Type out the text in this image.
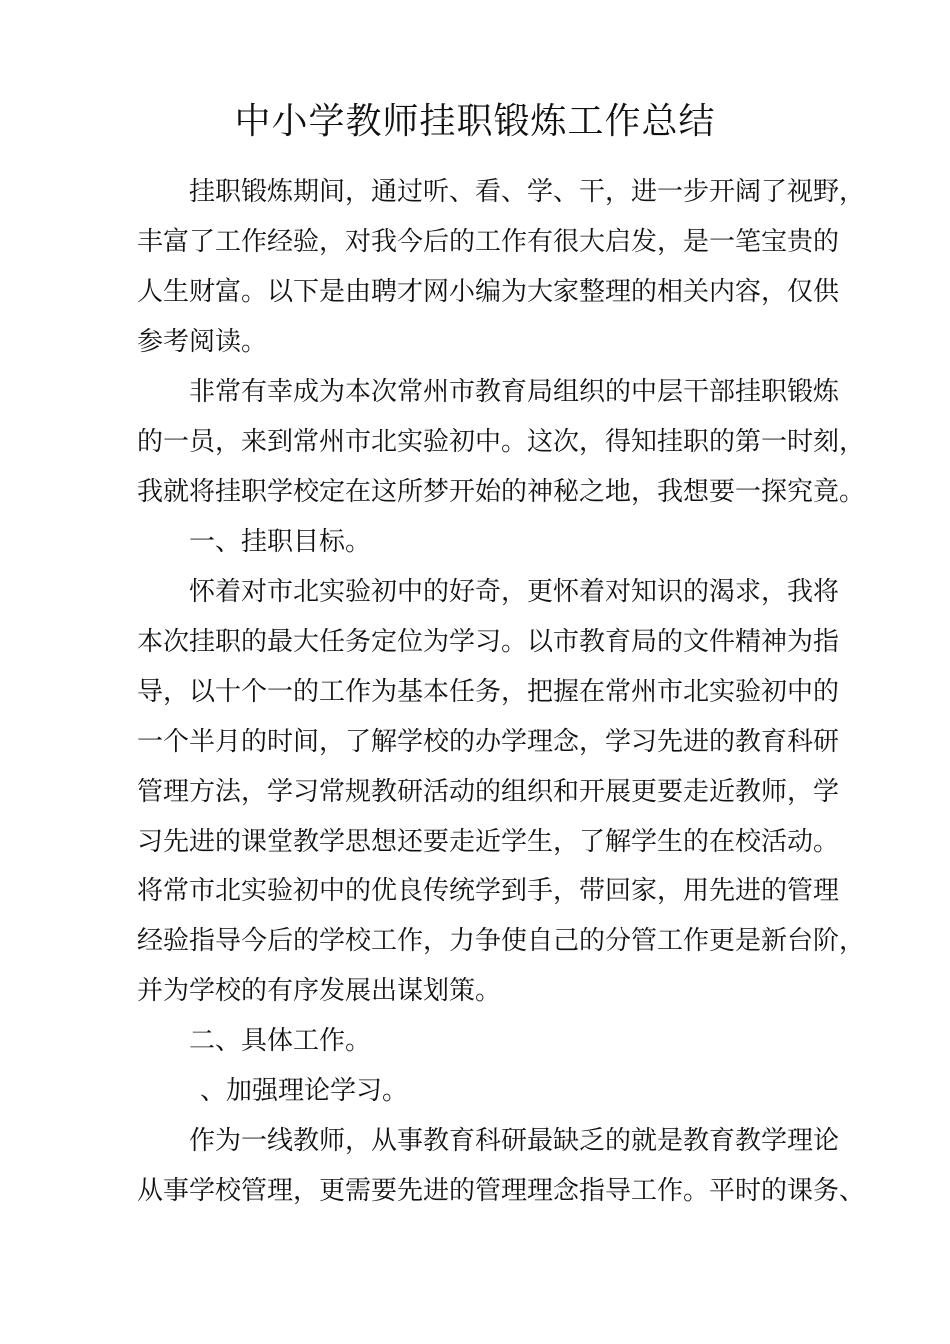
中小学教师挂职锻炼工作总结
挂职锻炼期间，通过听、看、学、干，进一步开阔了视野，
丰富了工作经验，对我今后的工作有很大启发，是一笔宝贵的
人生财富。以下是由聘才网小编为大家整理的相关内容，仅供
参考阅读。
非常有幸成为本次常州市教育局组织的中层干部挂职锻炼
的一员，来到常州市北实验初中。这次，得知挂职的第一时刻，
我就将挂职学校定在这所梦开始的神秘之地，我想要一探究竟。
一、挂职目标。
怀着对市北实验初中的好奇，更怀着对知识的渴求，我将
本次挂职的最大任务定位为学习。以市教育局的文件精神为指
导，以十个一的工作为基本任务，把握在常州市北实验初中的
一个半月的时间，了解学校的办学理念，学习先进的教育科研
管理方法，学习常规教研活动的组织和开展更要走近教师，学
习先进的课堂教学思想还要走近学生，了解学生的在校活动。
将常市北实验初中的优良传统学到手，带回家，用先进的管理
经验指导今后的学校工作，力争使自己的分管工作更是新台阶，
并为学校的有序发展出谋划策。
二、具体工作。
、加强理论学习。
作为一线教师，从事教育科研最缺乏的就是教育教学理论
从事学校管理，更需要先进的管理理念指导工作。平时的课务、
